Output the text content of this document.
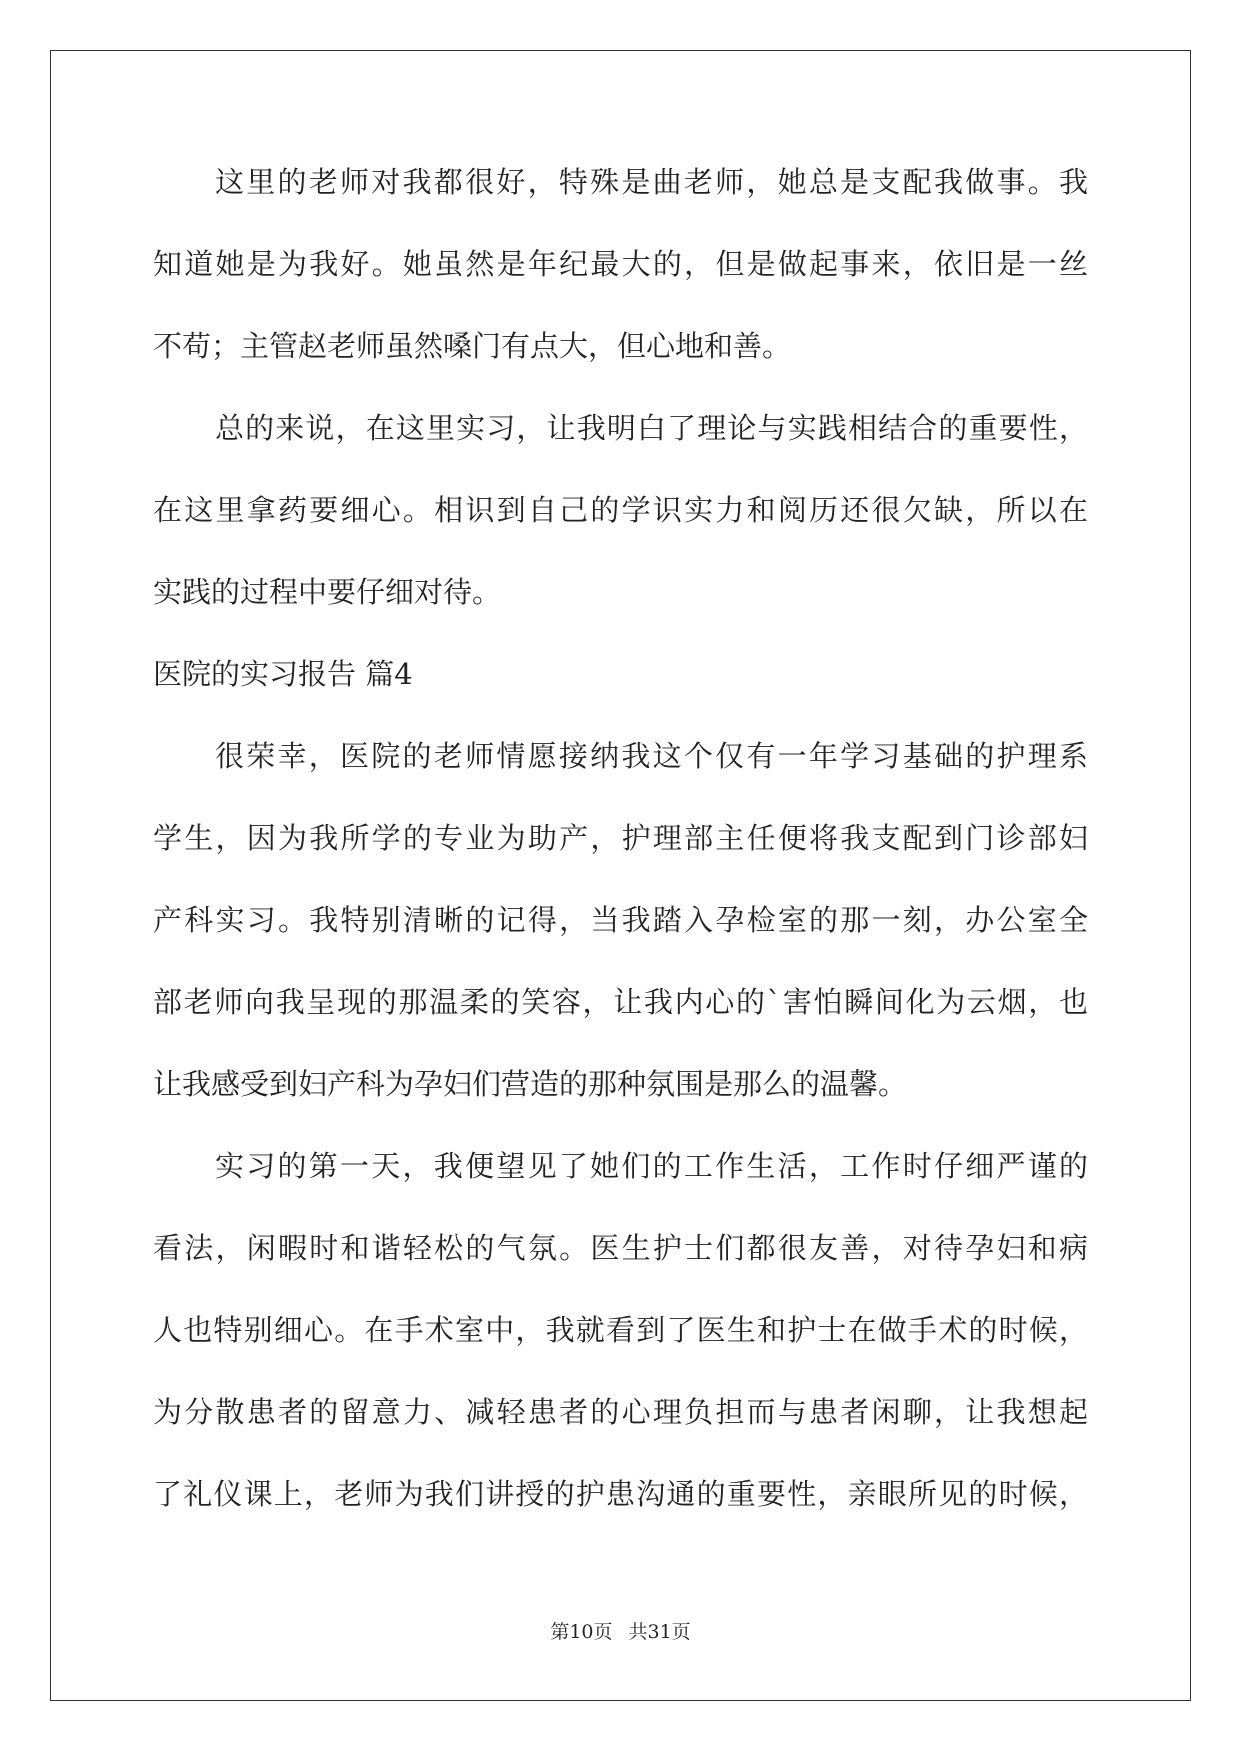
这里的老师对我都很好，特殊是曲老师，她总是支配我做事。我
知道她是为我好。她虽然是年纪最大的，但是做起事来，依旧是一丝
不苟；主管赵老师虽然嗓门有点大，但心地和善。
总的来说，在这里实习，让我明白了理论与实践相结合的重要性，
在这里拿药要细心。相识到自己的学识实力和阅历还很欠缺，所以在
实践的过程中要仔细对待。
医院的实习报告 篇4
很荣幸，医院的老师情愿接纳我这个仅有一年学习基础的护理系
学生，因为我所学的专业为助产，护理部主任便将我支配到门诊部妇
产科实习。我特别清晰的记得，当我踏入孕检室的那一刻，办公室全
部老师向我呈现的那温柔的笑容，让我内心的`害怕瞬间化为云烟，也
让我感受到妇产科为孕妇们营造的那种氛围是那么的温馨。
实习的第一天，我便望见了她们的工作生活，工作时仔细严谨的
看法，闲暇时和谐轻松的气氛。医生护士们都很友善，对待孕妇和病
人也特别细心。在手术室中，我就看到了医生和护士在做手术的时候，
为分散患者的留意力、减轻患者的心理负担而与患者闲聊，让我想起
了礼仪课上，老师为我们讲授的护患沟通的重要性，亲眼所见的时候，
第10页 共31页
